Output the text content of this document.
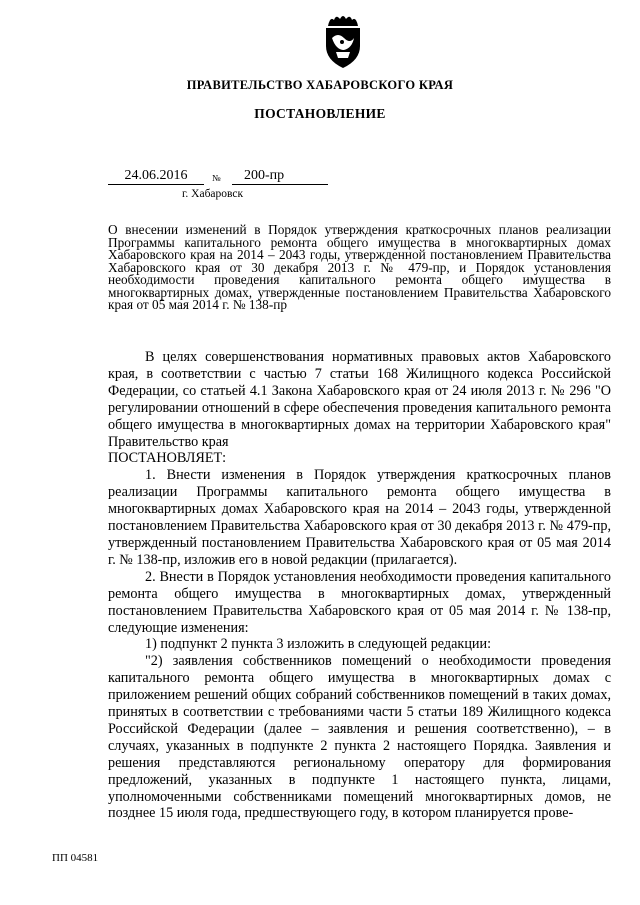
ПРАВИТЕЛЬСТВО ХАБАРОВСКОГО КРАЯ
ПОСТАНОВЛЕНИЕ
24.06.2016	№	200-пр
г. Хабаровск
О внесении изменений в Порядок утверждения краткосрочных планов реализации Программы капитального ремонта общего имущества в многоквартирных домах Хабаровского края на 2014 – 2043 годы, утвержденной постановлением Правительства Хабаровского края от 30 декабря 2013 г. № 479-пр, и Порядок установления необходимости проведения капитального ремонта общего имущества в многоквартирных домах, утвержденные постановлением Правительства Хабаровского края от 05 мая 2014 г. № 138-пр

В целях совершенствования нормативных правовых актов Хабаровского края, в соответствии с частью 7 статьи 168 Жилищного кодекса Российской Федерации, со статьей 4.1 Закона Хабаровского края от 24 июля 2013 г. № 296 "О регулировании отношений в сфере обеспечения проведения капитального ремонта общего имущества в многоквартирных домах на территории Хабаровского края" Правительство края

ПОСТАНОВЛЯЕТ:

1. Внести изменения в Порядок утверждения краткосрочных планов реализации Программы капитального ремонта общего имущества в многоквартирных домах Хабаровского края на 2014 – 2043 годы, утвержденной постановлением Правительства Хабаровского края от 30 декабря 2013 г. № 479-пр, утвержденный постановлением Правительства Хабаровского края от 05 мая 2014 г. № 138-пр, изложив его в новой редакции (прилагается).

2. Внести в Порядок установления необходимости проведения капитального ремонта общего имущества в многоквартирных домах, утвержденный постановлением Правительства Хабаровского края от 05 мая 2014 г. № 138-пр, следующие изменения:

1) подпункт 2 пункта 3 изложить в следующей редакции:

"2) заявления собственников помещений о необходимости проведения капитального ремонта общего имущества в многоквартирных домах с приложением решений общих собраний собственников помещений в таких домах, принятых в соответствии с требованиями части 5 статьи 189 Жилищного кодекса Российской Федерации (далее – заявления и решения соответственно), – в случаях, указанных в подпункте 2 пункта 2 настоящего Порядка. Заявления и решения представляются региональному оператору для формирования предложений, указанных в подпункте 1 настоящего пункта, лицами, уполномоченными собственниками помещений многоквартирных домов, не позднее 15 июля года, предшествующего году, в котором планируется прове-

ПП 04581
